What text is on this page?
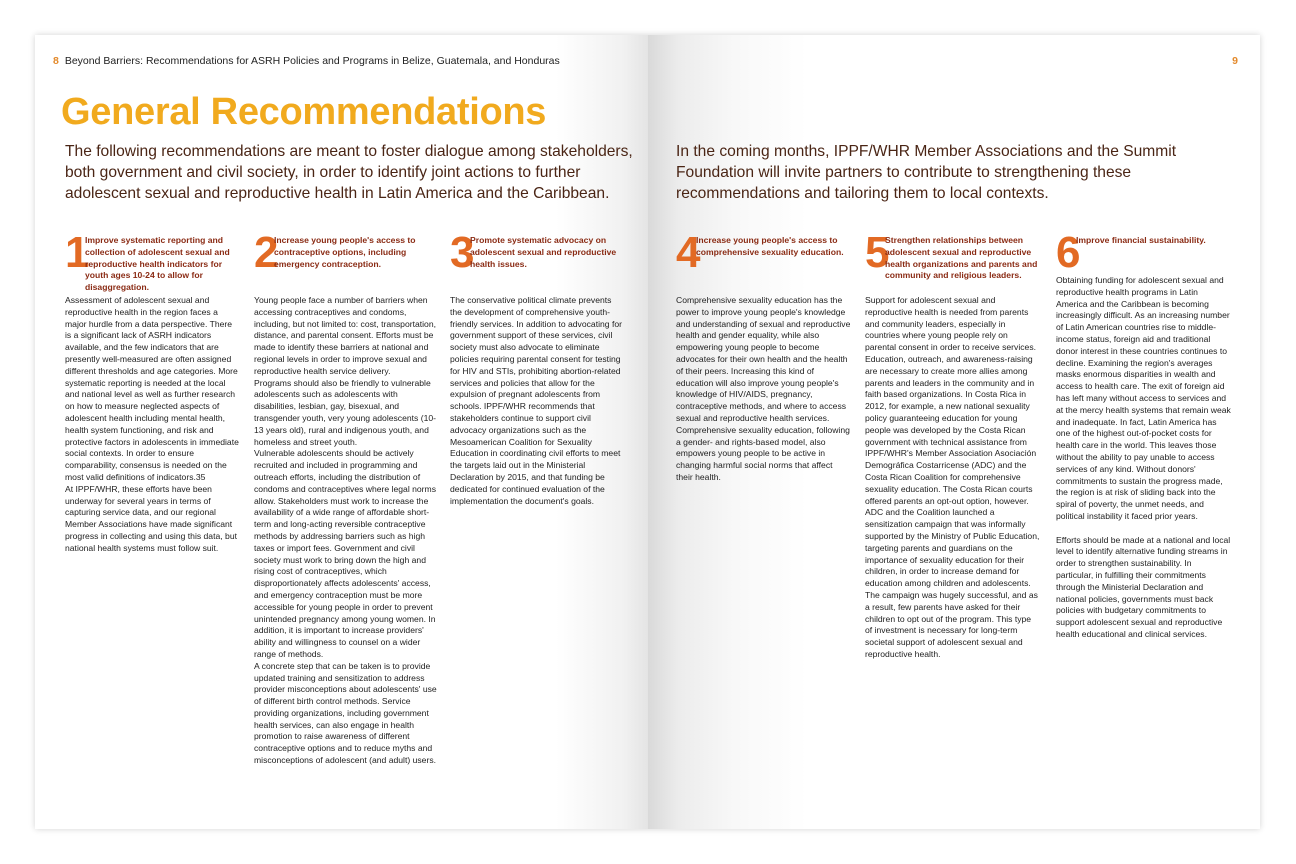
8 Beyond Barriers: Recommendations for ASRH Policies and Programs in Belize, Guatemala, and Honduras
General Recommendations
The following recommendations are meant to foster dialogue among stakeholders, both government and civil society, in order to identify joint actions to further adolescent sexual and reproductive health in Latin America and the Caribbean.
1
Improve systematic reporting and collection of adolescent sexual and reproductive health indicators for youth ages 10-24 to allow for disaggregation.

Assessment of adolescent sexual and reproductive health in the region faces a major hurdle from a data perspective. There is a significant lack of ASRH indicators available, and the few indicators that are presently well-measured are often assigned different thresholds and age categories. More systematic reporting is needed at the local and national level as well as further research on how to measure neglected aspects of adolescent health including mental health, health system functioning, and risk and protective factors in adolescents in immediate social contexts. In order to ensure comparability, consensus is needed on the most valid definitions of indicators.35
At IPPF/WHR, these efforts have been underway for several years in terms of capturing service data, and our regional Member Associations have made significant progress in collecting and using this data, but national health systems must follow suit.

2
Increase young people's access to contraceptive options, including emergency contraception.

Young people face a number of barriers when accessing contraceptives and condoms, including, but not limited to: cost, transportation, distance, and parental consent. Efforts must be made to identify these barriers at national and regional levels in order to improve sexual and reproductive health service delivery.
Programs should also be friendly to vulnerable adolescents such as adolescents with disabilities, lesbian, gay, bisexual, and transgender youth, very young adolescents (10-13 years old), rural and indigenous youth, and homeless and street youth.
Vulnerable adolescents should be actively recruited and included in programming and outreach efforts, including the distribution of condoms and contraceptives where legal norms allow. Stakeholders must work to increase the availability of a wide range of affordable short-term and long-acting reversible contraceptive methods by addressing barriers such as high taxes or import fees. Government and civil society must work to bring down the high and rising cost of contraceptives, which disproportionately affects adolescents' access, and emergency contraception must be more accessible for young people in order to prevent unintended pregnancy among young women. In addition, it is important to increase providers' ability and willingness to counsel on a wider range of methods.
A concrete step that can be taken is to provide updated training and sensitization to address provider misconceptions about adolescents' use of different birth control methods. Service providing organizations, including government health services, can also engage in health promotion to raise awareness of different contraceptive options and to reduce myths and misconceptions of adolescent (and adult) users.

3
Promote systematic advocacy on adolescent sexual and reproductive health issues.

The conservative political climate prevents the development of comprehensive youth-friendly services. In addition to advocating for government support of these services, civil society must also advocate to eliminate policies requiring parental consent for testing for HIV and STIs, prohibiting abortion-related services and policies that allow for the expulsion of pregnant adolescents from schools. IPPF/WHR recommends that stakeholders continue to support civil advocacy organizations such as the Mesoamerican Coalition for Sexuality Education in coordinating civil efforts to meet the targets laid out in the Ministerial Declaration by 2015, and that funding be dedicated for continued evaluation of the implementation the document's goals.

9
In the coming months, IPPF/WHR Member Associations and the Summit Foundation will invite partners to contribute to strengthening these recommendations and tailoring them to local contexts.
4
Increase young people's access to comprehensive sexuality education.

Comprehensive sexuality education has the power to improve young people's knowledge and understanding of sexual and reproductive health and gender equality, while also empowering young people to become advocates for their own health and the health of their peers. Increasing this kind of education will also improve young people's knowledge of HIV/AIDS, pregnancy, contraceptive methods, and where to access sexual and reproductive health services. Comprehensive sexuality education, following a gender- and rights-based model, also empowers young people to be active in changing harmful social norms that affect their health.

5
Strengthen relationships between adolescent sexual and reproductive health organizations and parents and community and religious leaders.

Support for adolescent sexual and reproductive health is needed from parents and community leaders, especially in countries where young people rely on parental consent in order to receive services. Education, outreach, and awareness-raising are necessary to create more allies among parents and leaders in the community and in faith based organizations. In Costa Rica in 2012, for example, a new national sexuality policy guaranteeing education for young people was developed by the Costa Rican government with technical assistance from IPPF/WHR's Member Association Asociación Demográfica Costarricense (ADC) and the Costa Rican Coalition for comprehensive sexuality education. The Costa Rican courts offered parents an opt-out option, however. ADC and the Coalition launched a sensitization campaign that was informally supported by the Ministry of Public Education, targeting parents and guardians on the importance of sexuality education for their children, in order to increase demand for education among children and adolescents. The campaign was hugely successful, and as a result, few parents have asked for their children to opt out of the program. This type of investment is necessary for long-term societal support of adolescent sexual and reproductive health.

6
Improve financial sustainability.

Obtaining funding for adolescent sexual and reproductive health programs in Latin America and the Caribbean is becoming increasingly difficult. As an increasing number of Latin American countries rise to middle-income status, foreign aid and traditional donor interest in these countries continues to decline. Examining the region's averages masks enormous disparities in wealth and access to health care. The exit of foreign aid has left many without access to services and at the mercy health systems that remain weak and inadequate. In fact, Latin America has one of the highest out-of-pocket costs for health care in the world. This leaves those without the ability to pay unable to access services of any kind. Without donors' commitments to sustain the progress made, the region is at risk of sliding back into the spiral of poverty, the unmet needs, and political instability it faced prior years.

Efforts should be made at a national and local level to identify alternative funding streams in order to strengthen sustainability. In particular, in fulfilling their commitments through the Ministerial Declaration and national policies, governments must back policies with budgetary commitments to support adolescent sexual and reproductive health educational and clinical services.
